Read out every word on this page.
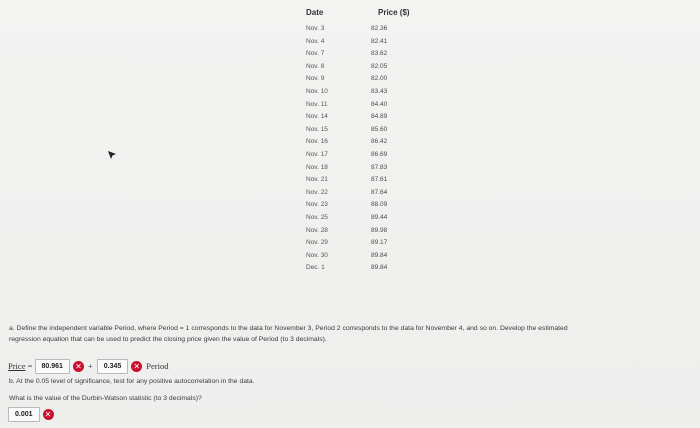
Date	Price ($)
Nov. 3	82.36
Nov. 4	82.41
Nov. 7	83.62
Nov. 8	82.05
Nov. 9	82.00
Nov. 10	83.43
Nov. 11	84.40
Nov. 14	84.89
Nov. 15	85.60
Nov. 16	86.42
Nov. 17	86.69
Nov. 18	87.83
Nov. 21	87.61
Nov. 22	87.64
Nov. 23	88.09
Nov. 25	89.44
Nov. 28	89.98
Nov. 29	89.17
Nov. 30	89.84
Dec. 1	89.84
a. Define the independent variable Period, where Period = 1 corresponds to the data for November 3, Period 2 corresponds to the data for November 4, and so on. Develop the estimated
regression equation that can be used to predict the closing price given the value of Period (to 3 decimals).
Price =	80.961	✕ +	0.345	✕ Period
b. At the 0.05 level of significance, test for any positive autocorrelation in the data.
What is the value of the Durbin-Watson statistic (to 3 decimals)?
0.001	✕
